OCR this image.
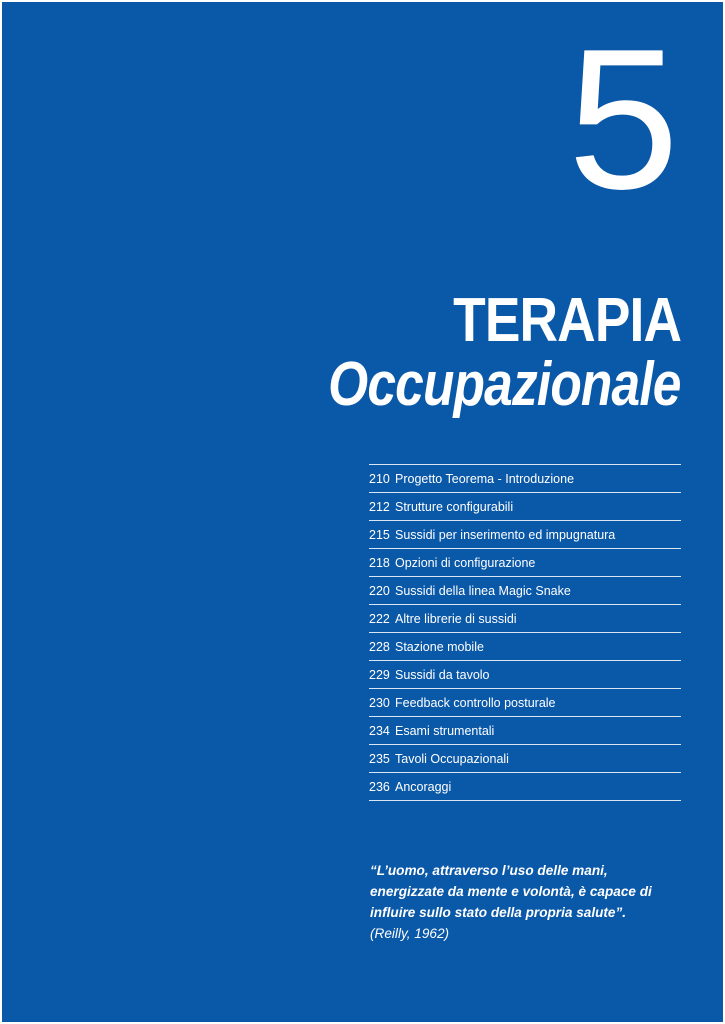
5
TERAPIA
Occupazionale
210 Progetto Teorema - Introduzione
212 Strutture configurabili
215 Sussidi per inserimento ed impugnatura
218 Opzioni di configurazione
220 Sussidi della linea Magic Snake
222 Altre librerie di sussidi
228 Stazione mobile
229 Sussidi da tavolo
230 Feedback controllo posturale
234 Esami strumentali
235 Tavoli Occupazionali
236 Ancoraggi
“L’uomo, attraverso l’uso delle mani, energizzate da mente e volontà, è capace di influire sullo stato della propria salute”.
(Reilly, 1962)
